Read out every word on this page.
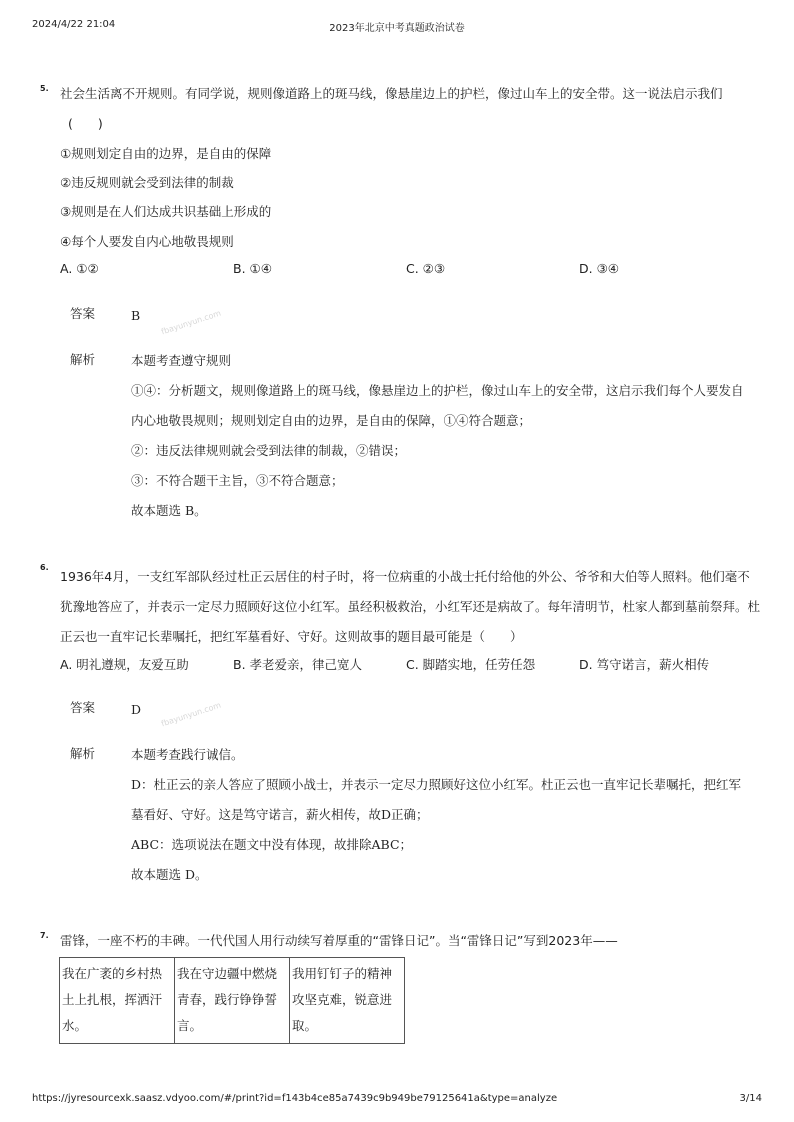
2024/4/22 21:04	2023年北京中考真题政治试卷
5. 社会生活离不开规则。有同学说，规则像道路上的斑马线，像悬崖边上的护栏，像过山车上的安全带。这一说法启示我们
(　　)
①规则划定自由的边界，是自由的保障
②违反规则就会受到法律的制裁
③规则是在人们达成共识基础上形成的
④每个人要发自内心地敬畏规则
A. ①②	B. ①④	C. ②③	D. ③④
答案	B fbayunyun.com
解析	本题考查遵守规则
①④：分析题文，规则像道路上的斑马线，像悬崖边上的护栏，像过山车上的安全带，这启示我们每个人要发自
内心地敬畏规则；规则划定自由的边界，是自由的保障，①④符合题意；
②：违反法律规则就会受到法律的制裁，②错误；
③：不符合题干主旨，③不符合题意；
故本题选 B。
6.
1936年4月，一支红军部队经过杜正云居住的村子时，将一位病重的小战士托付给他的外公、爷爷和大伯等人照料。他们毫不犹豫地答应了，并表示一定尽力照顾好这位小红军。虽经积极救治，小红军还是病故了。每年清明节，杜家人都到墓前祭拜。杜正云也一直牢记长辈嘱托，把红军墓看好、守好。这则故事的题目最可能是（　　）
A. 明礼遵规，友爱互助	B. 孝老爱亲，律己宽人	C. 脚踏实地，任劳任怨	D. 笃守诺言，薪火相传
答案	D fbayunyun.com
解析	本题考查践行诚信。
D：杜正云的亲人答应了照顾小战士，并表示一定尽力照顾好这位小红军。杜正云也一直牢记长辈嘱托，把红军
墓看好、守好。这是笃守诺言，薪火相传，故D正确；
ABC：选项说法在题文中没有体现，故排除ABC；
故本题选 D。
7. 雷锋，一座不朽的丰碑。一代代国人用行动续写着厚重的“雷锋日记”。当“雷锋日记”写到2023年——
我在广袤的乡村热土上扎根，挥洒汗水。	我在守边疆中燃烧青春，践行铮铮誓言。	我用钉钉子的精神攻坚克难，锐意进取。
https://jyresourcexk.saasz.vdyoo.com/#/print?id=f143b4ce85a7439c9b949be79125641a&type=analyze	3/14
